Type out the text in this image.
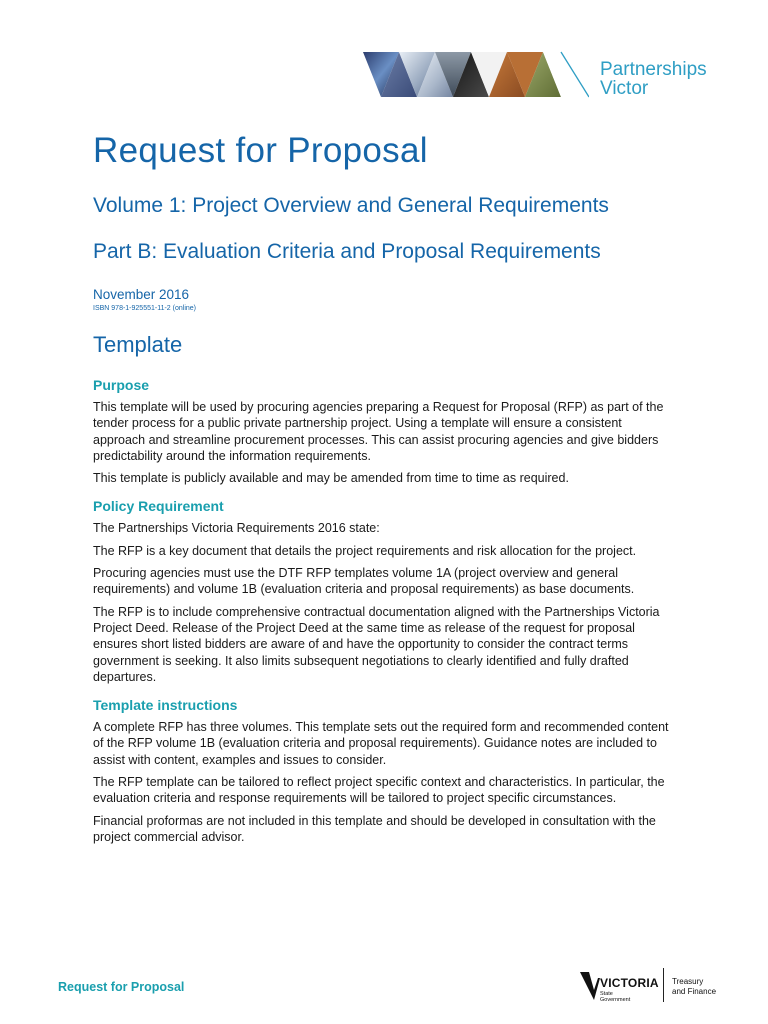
Partnerships
Victor
Request for Proposal
Volume 1: Project Overview and General Requirements
Part B: Evaluation Criteria and Proposal Requirements
November 2016
ISBN 978-1-925551-11-2 (online)
Template
Purpose

This template will be used by procuring agencies preparing a Request for Proposal (RFP) as part of the tender process for a public private partnership project. Using a template will ensure a consistent approach and streamline procurement processes. This can assist procuring agencies and give bidders predictability around the information requirements.

This template is publicly available and may be amended from time to time as required.

Policy Requirement

The Partnerships Victoria Requirements 2016 state:

The RFP is a key document that details the project requirements and risk allocation for the project.

Procuring agencies must use the DTF RFP templates volume 1A (project overview and general requirements) and volume 1B (evaluation criteria and proposal requirements) as base documents.

The RFP is to include comprehensive contractual documentation aligned with the Partnerships Victoria Project Deed. Release of the Project Deed at the same time as release of the request for proposal ensures short listed bidders are aware of and have the opportunity to consider the contract terms government is seeking. It also limits subsequent negotiations to clearly identified and fully drafted departures.

Template instructions

A complete RFP has three volumes. This template sets out the required form and recommended content of the RFP volume 1B (evaluation criteria and proposal requirements). Guidance notes are included to assist with content, examples and issues to consider.

The RFP template can be tailored to reflect project specific context and characteristics. In particular, the evaluation criteria and response requirements will be tailored to project specific circumstances.

Financial proformas are not included in this template and should be developed in consultation with the project commercial advisor.

Request for Proposal	VICTORIA
State
Government
Treasury
and Finance
